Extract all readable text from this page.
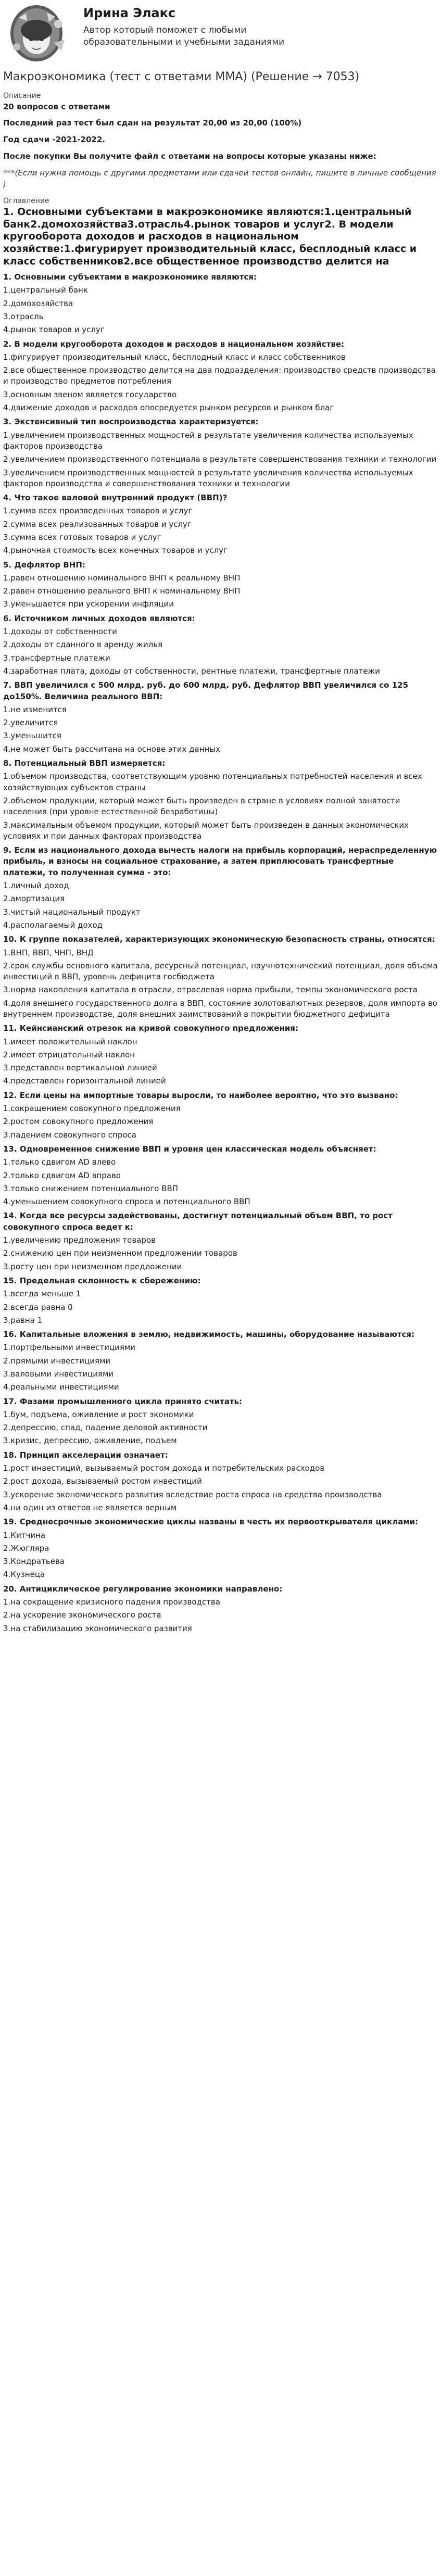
Ирина Элакс
Автор который поможет с любыми образовательными и учебными заданиями
Макроэкономика (тест с ответами ММА) (Решение → 7053)

Описание

20 вопросов с ответами

Последний раз тест был сдан на результат 20,00 из 20,00 (100%)

Год сдачи -2021-2022.

После покупки Вы получите файл с ответами на вопросы которые указаны ниже:

***(Если нужна помощь с другими предметами или сдачей тестов онлайн, пишите в личные сообщения )

Оглавление

1. Основными субъектами в макроэкономике являются:1.центральный банк2.домохозяйства3.отрасль4.рынок товаров и услуг2. В модели кругооборота доходов и расходов в национальном хозяйстве:1.фигурирует производительный класс, бесплодный класс и класс собственников2.все общественное производство делится на

1. Основными субъектами в макроэкономике являются:

1.центральный банк

2.домохозяйства

3.отрасль

4.рынок товаров и услуг

2. В модели кругооборота доходов и расходов в национальном хозяйстве:

1.фигурирует производительный класс, бесплодный класс и класс собственников

2.все общественное производство делится на два подразделения: производство средств производства и производство предметов потребления

3.основным звеном является государство

4.движение доходов и расходов опосредуется рынком ресурсов и рынком благ

3. Экстенсивный тип воспроизводства характеризуется:

1.увеличением производственных мощностей в результате увеличения количества используемых факторов производства

2.увеличением производственного потенциала в результате совершенствования техники и технологии

3.увеличением производственных мощностей в результате увеличения количества используемых факторов производства и совершенствования техники и технологии

4. Что такое валовой внутренний продукт (ВВП)?

1.сумма всех произведенных товаров и услуг

2.сумма всех реализованных товаров и услуг

3.сумма всех готовых товаров и услуг

4.рыночная стоимость всех конечных товаров и услуг

5. Дефлятор ВНП:

1.равен отношению номинального ВНП к реальному ВНП

2.равен отношению реального ВНП к номинальному ВНП

3.уменьшается при ускорении инфляции

6. Источником личных доходов являются:

1.доходы от собственности

2.доходы от сданного в аренду жилья

3.трансфертные платежи

4.заработная плата, доходы от собственности, рентные платежи, трансфертные платежи

7. ВВП увеличился с 500 млрд. руб. до 600 млрд. руб. Дефлятор ВВП увеличился со 125 до150%. Величина реального ВВП:

1.не изменится

2.увеличится

3.уменьшится

4.не может быть рассчитана на основе этих данных

8. Потенциальный ВВП измеряется:

1.объемом производства, соответствующим уровню потенциальных потребностей населения и всех хозяйствующих субъектов страны

2.объемом продукции, который может быть произведен в стране в условиях полной занятости населения (при уровне естественной безработицы)

3.максимальным объемом продукции, который может быть произведен в данных экономических условиях и при данных факторах производства

9. Если из национального дохода вычесть налоги на прибыль корпораций, нераспределенную прибыль, и взносы на социальное страхование, а затем приплюсовать трансфертные платежи, то полученная сумма - это:

1.личный доход

2.амортизация

3.чистый национальный продукт

4.располагаемый доход

10. К группе показателей, характеризующих экономическую безопасность страны, относятся:

1.ВНП, ВВП, ЧНП, ВНД

2.срок службы основного капитала, ресурсный потенциал, научнотехнический потенциал, доля объема инвестиций в ВВП, уровень дефицита госбюджета

3.норма накопления капитала в отрасли, отраслевая норма прибыли, темпы экономического роста

4.доля внешнего государственного долга в ВВП, состояние золотовалютных резервов, доля импорта во внутреннем производстве, доля внешних заимствований в покрытии бюджетного дефицита

11. Кейнсианский отрезок на кривой совокупного предложения:

1.имеет положительный наклон

2.имеет отрицательный наклон

3.представлен вертикальной линией

4.представлен горизонтальной линией

12. Если цены на импортные товары выросли, то наиболее вероятно, что это вызвано:

1.сокращением совокупного предложения

2.ростом совокупного предложения

3.падением совокупного спроса

13. Одновременное снижение ВВП и уровня цен классическая модель объясняет:

1.только сдвигом AD влево

2.только сдвигом AD вправо

3.только снижением потенциального ВВП

4.уменьшением совокупного спроса и потенциального ВВП

14. Когда все ресурсы задействованы, достигнут потенциальный объем ВВП, то рост совокупного спроса ведет к:

1.увеличению предложения товаров

2.снижению цен при неизменном предложении товаров

3.росту цен при неизменном предложении

15. Предельная склонность к сбережению:

1.всегда меньше 1

2.всегда равна 0

3.равна 1

16. Капитальные вложения в землю, недвижимость, машины, оборудование называются:

1.портфельными инвестициями

2.прямыми инвестициями

3.валовыми инвестициями

4.реальными инвестициями

17. Фазами промышленного цикла принято считать:

1.бум, подъема, оживление и рост экономики

2.депрессию, спад, падение деловой активности

3.кризис, депрессию, оживление, подъем

18. Принцип акселерации означает:

1.рост инвестиций, вызываемый ростом дохода и потребительских расходов

2.рост дохода, вызываемый ростом инвестиций

3.ускорение экономического развития вследствие роста спроса на средства производства

4.ни один из ответов не является верным

19. Среднесрочные экономические циклы названы в честь их первооткрывателя циклами:

1.Китчина

2.Жюгляра

3.Кондратьева

4.Кузнеца

20. Антициклическое регулирование экономики направлено:

1.на сокращение кризисного падения производства

2.на ускорение экономического роста

3.на стабилизацию экономического развития
